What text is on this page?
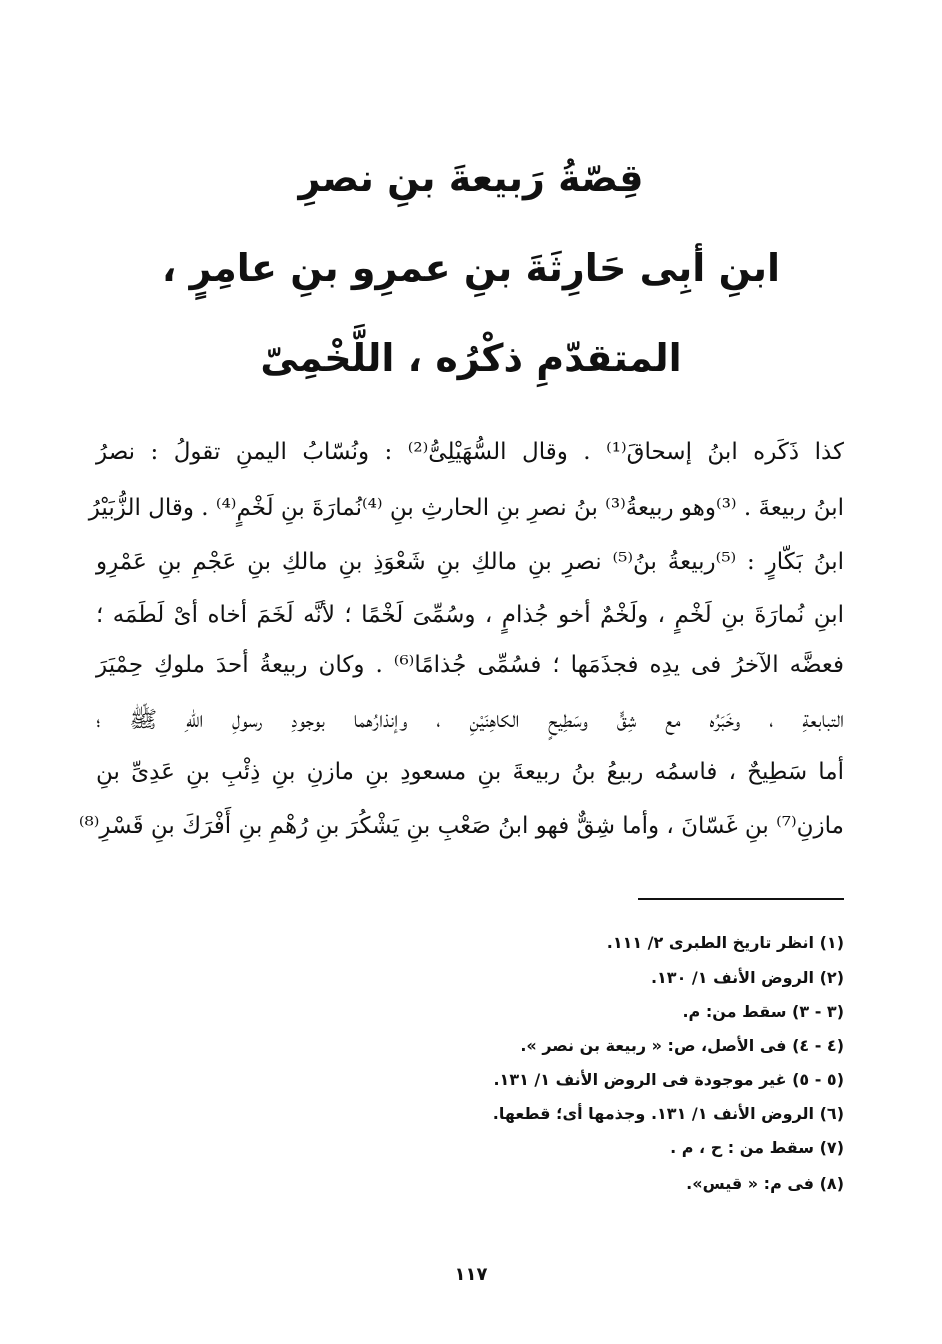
قِصّةُ رَبيعةَ بنِ نصرِ
ابنِ أبِى حَارِثَةَ بنِ عمرِو بنِ عامِرٍ ،
المتقدّمِ ذكْرُه ، اللَّخْمِىّ
كذا ذَكَره ابنُ إسحاقَ⁽¹⁾ . وقال السُّهَيْلِىُّ⁽²⁾ : ونُسّابُ اليمنِ تقولُ : نصرُ
ابنُ ربيعةَ . ⁽³⁾وهو ربيعةُ⁽³⁾ بنُ نصرِ بنِ الحارثِ بنِ ⁽⁴⁾نُمارَةَ بنِ لَخْمٍ⁽⁴⁾ . وقال الزُّبَيْرُ
ابنُ بَكّارٍ : ⁽⁵⁾ربيعةُ بنُ⁽⁵⁾ نصرِ بنِ مالكِ بنِ شَعْوَذِ بنِ مالكِ بنِ عَجْمِ بنِ عَمْرِو
ابنِ نُمارَةَ بنِ لَخْمٍ ، ولَخْمٌ أخو جُذامٍ ، وسُمِّىَ لَخْمًا ؛ لأنَّه لَخَمَ أخاه أىْ لَطَمَه ؛
فعضَّه الآخرُ فى يدِه فجذَمَها ؛ فسُمِّى جُذامًا⁽⁶⁾ . وكان ربيعةُ أحدَ ملوكِ حِمْيَرَ
التبابعةِ ، وخَبَرُه مع شِقٍّ وسَطِيحٍ الكاهِنَيْنِ ، وإنذارُهما بوجودِ رسولِ اللهِ ﷺ ؛
أما سَطِيحٌ ، فاسمُه ربيعُ بنُ ربيعةَ بنِ مسعودِ بنِ مازنِ بنِ ذِئْبِ بنِ عَدِىِّ بنِ
مازنِ⁽⁷⁾ بنِ غَسّانَ ، وأما شِقٌّ فهو ابنُ صَعْبِ بنِ يَشْكُرَ بنِ رُهْمِ بنِ أَفْرَكَ بنِ قَسْرِ⁽⁸⁾
(١) انظر تاريخ الطبرى ٢/ ١١١.
(٢) الروض الأنف ١/ ١٣٠.
(٣ - ٣) سقط من: م.
(٤ - ٤) فى الأصل، ص: « ربيعة بن نصر ».
(٥ - ٥) غير موجودة فى الروض الأنف ١/ ١٣١.
(٦) الروض الأنف ١/ ١٣١. وجذمها أى؛ قطعها.
(٧) سقط من : ح ، م .
(٨) فى م: « قيس».
١١٧
